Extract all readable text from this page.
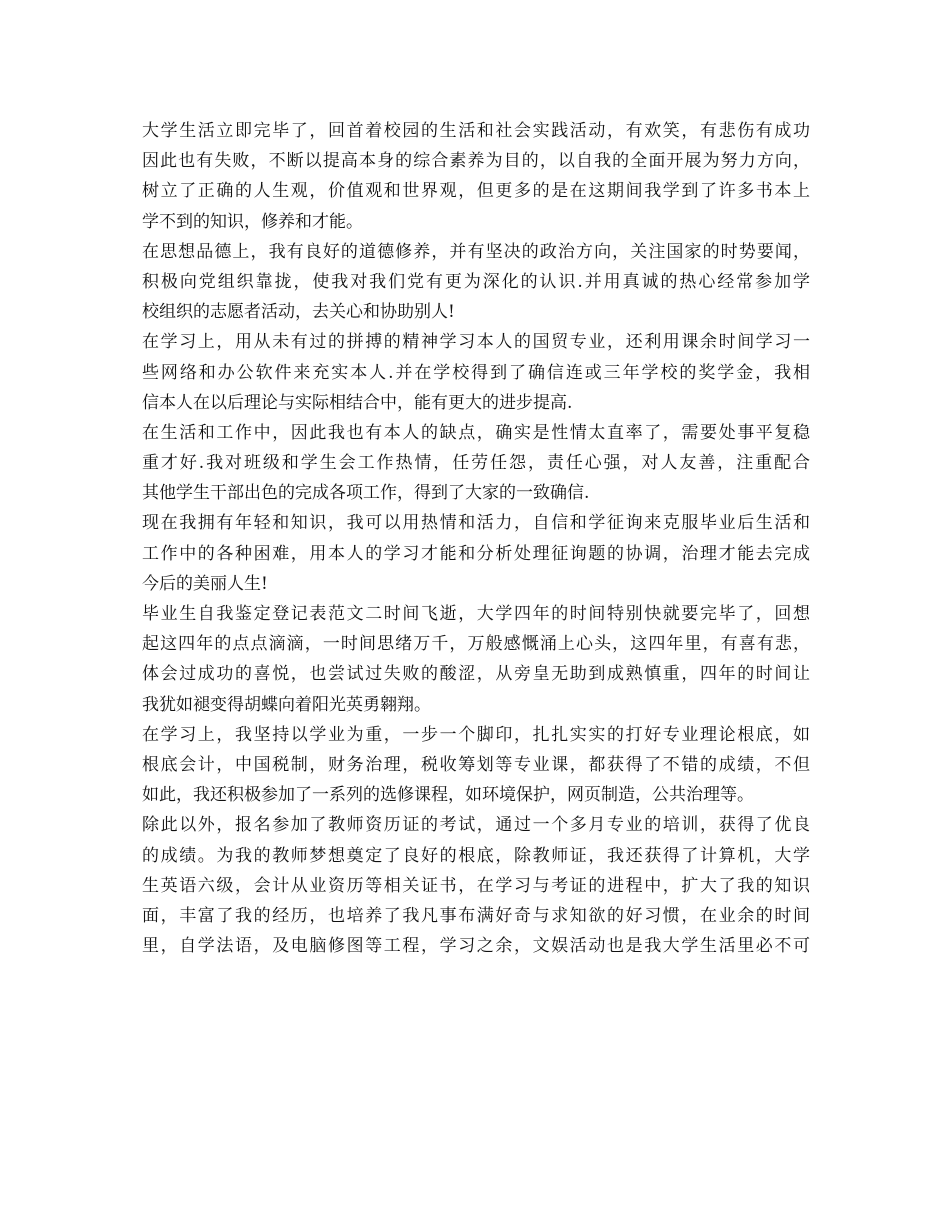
大学生活立即完毕了，回首着校园的生活和社会实践活动，有欢笑，有悲伤有成功
因此也有失败，不断以提高本身的综合素养为目的，以自我的全面开展为努力方向，
树立了正确的人生观，价值观和世界观，但更多的是在这期间我学到了许多书本上
学不到的知识，修养和才能。
在思想品德上，我有良好的道德修养，并有坚决的政治方向，关注国家的时势要闻，
积极向党组织靠拢，使我对我们党有更为深化的认识.并用真诚的热心经常参加学
校组织的志愿者活动，去关心和协助别人!
在学习上，用从未有过的拼搏的精神学习本人的国贸专业，还利用课余时间学习一
些网络和办公软件来充实本人.并在学校得到了确信连或三年学校的奖学金，我相
信本人在以后理论与实际相结合中，能有更大的进步提高.
在生活和工作中，因此我也有本人的缺点，确实是性情太直率了，需要处事平复稳
重才好.我对班级和学生会工作热情，任劳任怨，责任心强，对人友善，注重配合
其他学生干部出色的完成各项工作，得到了大家的一致确信.
现在我拥有年轻和知识，我可以用热情和活力，自信和学征询来克服毕业后生活和
工作中的各种困难，用本人的学习才能和分析处理征询题的协调，治理才能去完成
今后的美丽人生!
毕业生自我鉴定登记表范文二时间飞逝，大学四年的时间特别快就要完毕了，回想
起这四年的点点滴滴，一时间思绪万千，万般感慨涌上心头，这四年里，有喜有悲，
体会过成功的喜悦，也尝试过失败的酸涩，从旁皇无助到成熟慎重，四年的时间让
我犹如褪变得胡蝶向着阳光英勇翱翔。
在学习上，我坚持以学业为重，一步一个脚印，扎扎实实的打好专业理论根底，如
根底会计，中国税制，财务治理，税收筹划等专业课，都获得了不错的成绩，不但
如此，我还积极参加了一系列的选修课程，如环境保护，网页制造，公共治理等。
除此以外，报名参加了教师资历证的考试，通过一个多月专业的培训，获得了优良
的成绩。为我的教师梦想奠定了良好的根底，除教师证，我还获得了计算机，大学
生英语六级，会计从业资历等相关证书，在学习与考证的进程中，扩大了我的知识
面，丰富了我的经历，也培养了我凡事布满好奇与求知欲的好习惯，在业余的时间
里，自学法语，及电脑修图等工程，学习之余，文娱活动也是我大学生活里必不可
